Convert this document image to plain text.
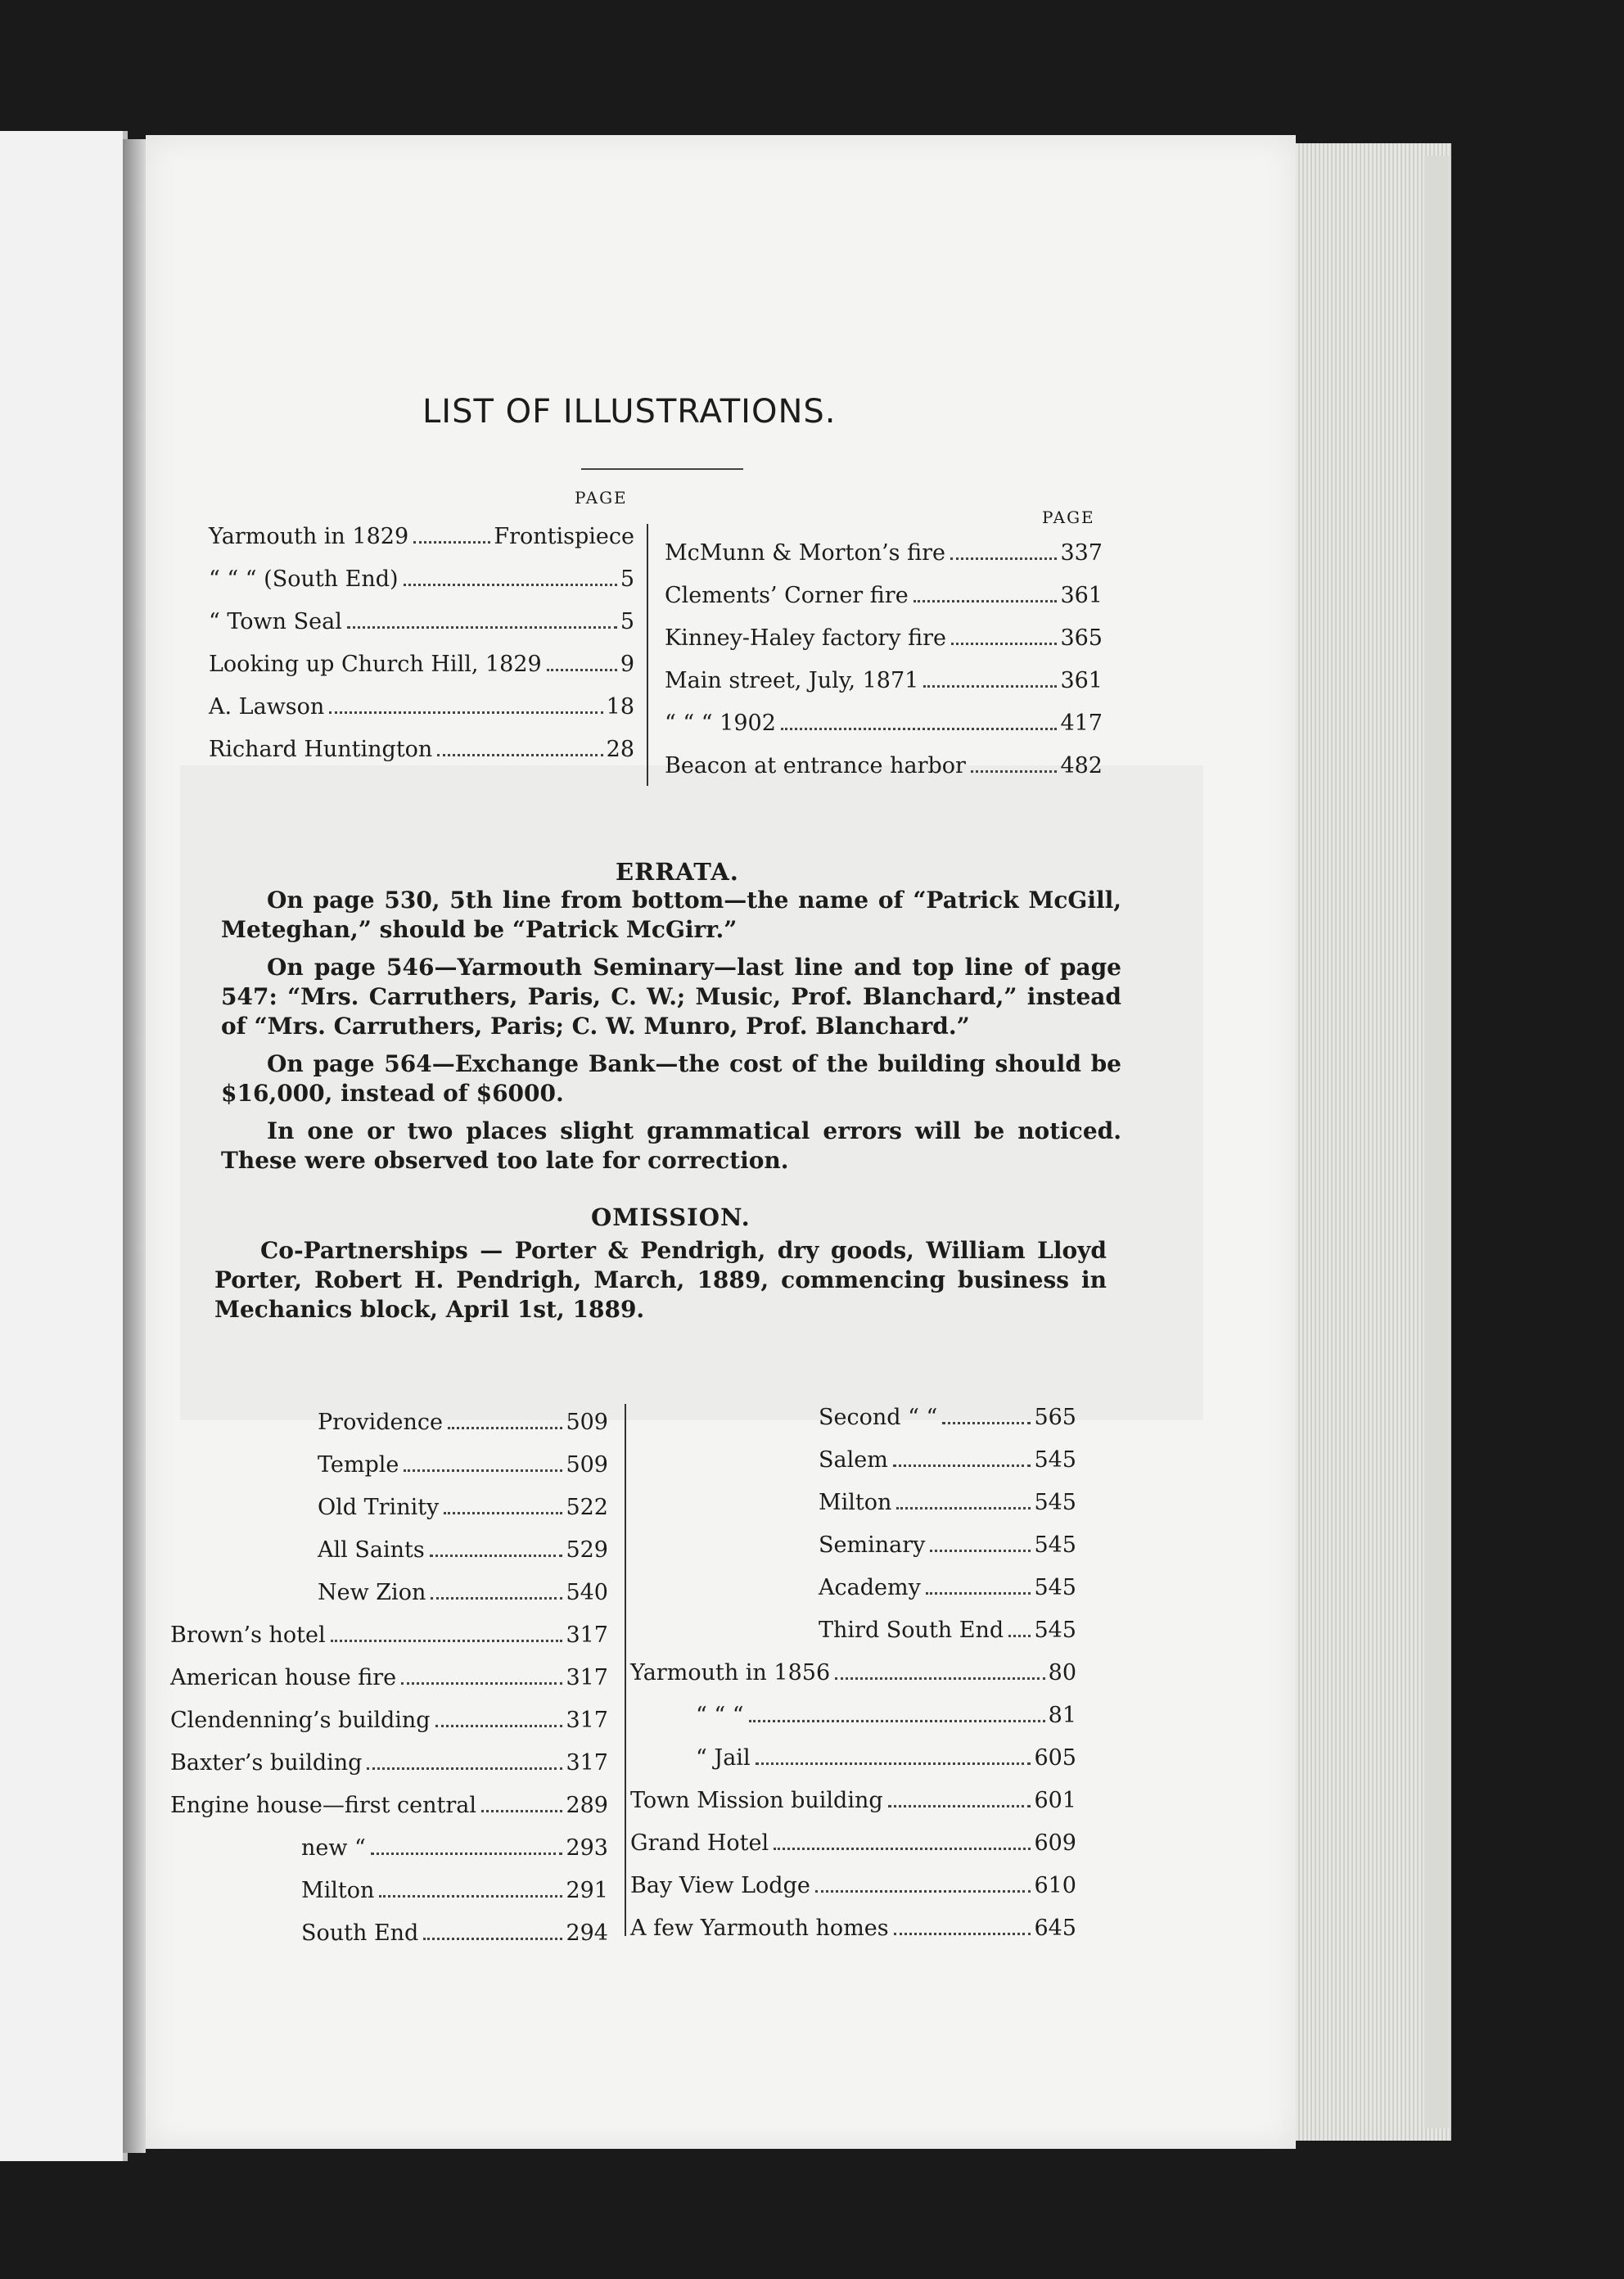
LIST OF ILLUSTRATIONS.
PAGE
PAGE
Yarmouth in 1829	Frontispiece
“ “ “ (South End)	5
“ Town Seal	5
Looking up Church Hill, 1829	9
A. Lawson	18
Richard Huntington	28
McMunn & Morton’s fire	337
Clements’ Corner fire	361
Kinney-Haley factory fire	365
Main street, July, 1871	361
“ “ “ 1902	417
Beacon at entrance harbor	482
ERRATA.
On page 530, 5th line from bottom—the name of “Patrick McGill, Meteghan,” should be “Patrick McGirr.”
On page 546—Yarmouth Seminary—last line and top line of page 547: “Mrs. Carruthers, Paris, C. W.; Music, Prof. Blanchard,” instead of “Mrs. Carruthers, Paris; C. W. Munro, Prof. Blanchard.”
On page 564—Exchange Bank—the cost of the building should be $16,000, instead of $6000.
In one or two places slight grammatical errors will be noticed. These were observed too late for correction.
OMISSION.
Co-Partnerships — Porter & Pendrigh, dry goods, William Lloyd Porter, Robert H. Pendrigh, March, 1889, commencing business in Mechanics block, April 1st, 1889.
Providence	509
Temple	509
Old Trinity	522
All Saints	529
New Zion	540
Brown’s hotel	317
American house fire	317
Clendenning’s building	317
Baxter’s building	317
Engine house—first central	289
new “	293
Milton	291
South End	294
Second “ “	565
Salem	545
Milton	545
Seminary	545
Academy	545
Third South End 545
Yarmouth in 1856	80
“ “ “	81
“ Jail	605
Town Mission building	601
Grand Hotel	609
Bay View Lodge	610
A few Yarmouth homes	645
